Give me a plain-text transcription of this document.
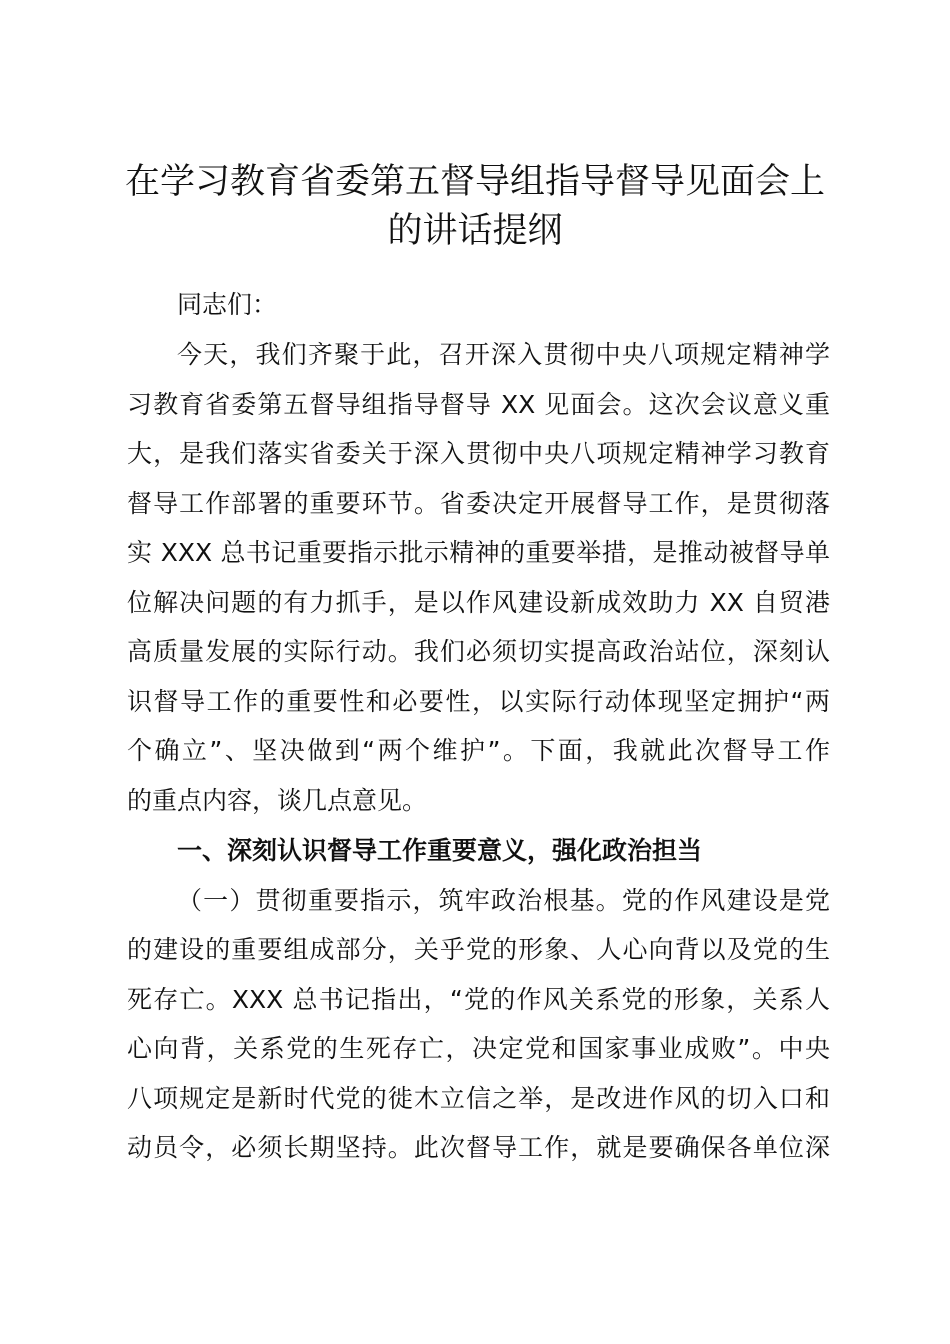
在学习教育省委第五督导组指导督导见面会上
的讲话提纲

同志们：

今天，我们齐聚于此，召开深入贯彻中央八项规定精神学

习教育省委第五督导组指导督导 XX 见面会。这次会议意义重

大，是我们落实省委关于深入贯彻中央八项规定精神学习教育

督导工作部署的重要环节。省委决定开展督导工作，是贯彻落

实 XXX 总书记重要指示批示精神的重要举措，是推动被督导单

位解决问题的有力抓手，是以作风建设新成效助力 XX 自贸港

高质量发展的实际行动。我们必须切实提高政治站位，深刻认

识督导工作的重要性和必要性，以实际行动体现坚定拥护“两

个确立”、坚决做到“两个维护”。下面，我就此次督导工作

的重点内容，谈几点意见。

一、深刻认识督导工作重要意义，强化政治担当

（一）贯彻重要指示，筑牢政治根基。党的作风建设是党

的建设的重要组成部分，关乎党的形象、人心向背以及党的生

死存亡。XXX 总书记指出，“党的作风关系党的形象，关系人

心向背，关系党的生死存亡，决定党和国家事业成败”。中央

八项规定是新时代党的徙木立信之举，是改进作风的切入口和

动员令，必须长期坚持。此次督导工作，就是要确保各单位深
